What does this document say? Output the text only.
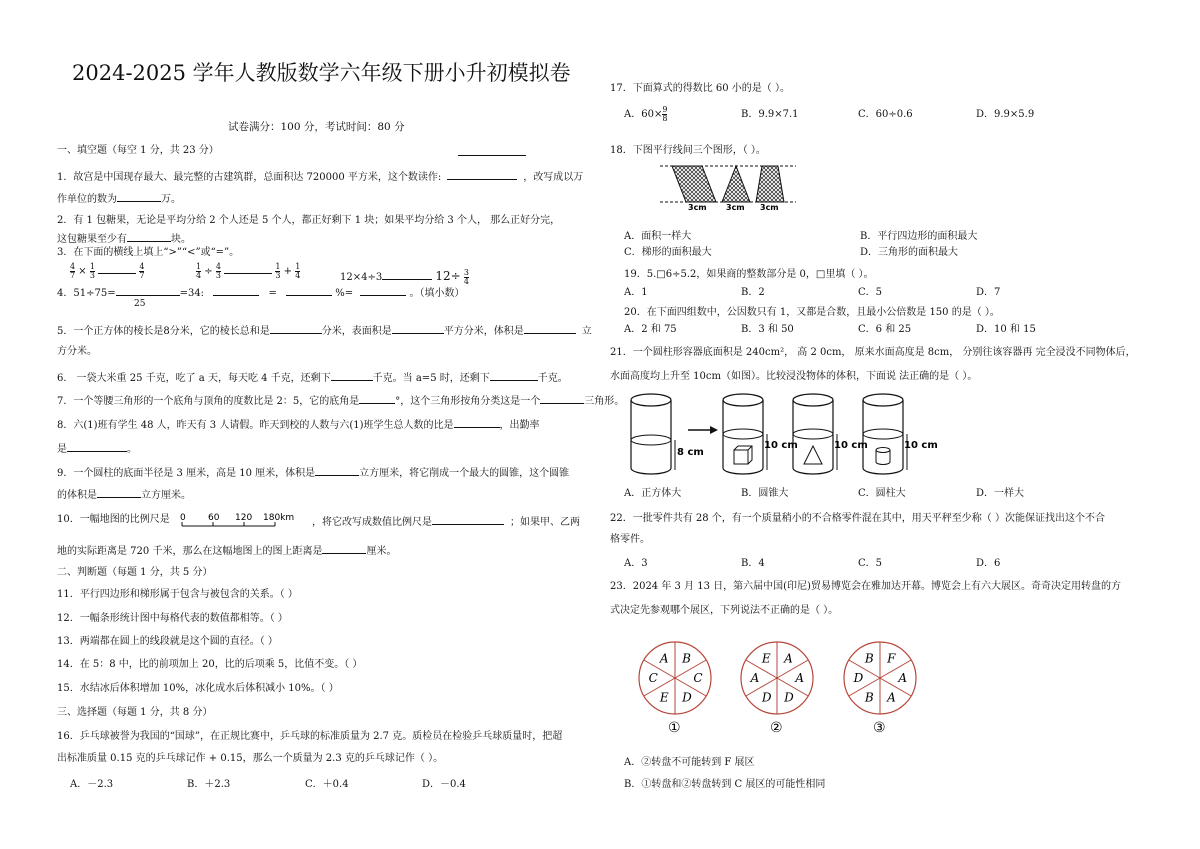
2024-2025 学年人教版数学六年级下册小升初模拟卷
试卷满分：100 分，考试时间：80 分
一、填空题（每空 1 分，共 23 分）
1．故宫是中国现存最大、最完整的古建筑群，总面积达 720000 平方米，这个数读作:	，改写成以万
作单位的数为	万。
2．有 1 包糖果，无论是平均分给 2 个人还是 5 个人，都正好剩下 1 块；如果平均分给 3 个人， 那么正好分完，
这包糖果至少有	块。
3．在下面的横线上填上“>”“<”或“=”。
$\frac{4}{7} \times \frac{1}{3}$
	$\frac{4}{7}$	$\frac{1}{4} \div \frac{4}{3}$
	$\frac{1}{3} + \frac{1}{4}$	12×4÷3	$12\div \frac{3}{4}$
4．51÷75=	=34:	=	%=	。（填小数）
25
5．一个正方体的棱长是8分米，它的棱长总和是	分米，表面积是	平方分米，体积是	立
方分米。
6． 一袋大米重 25 千克，吃了 a 天，每天吃 4 千克，还剩下	千克。当 a=5 时，还剩下	千克。
7．一个等腰三角形的一个底角与顶角的度数比是 2：5，它的底角是	°，这个三角形按角分类这是一个	三角形。
8．六(1)班有学生 48 人，昨天有 3 人请假。昨天到校的人数与六(1)班学生总人数的比是	，出勤率
是	。
9．一个圆柱的底面半径是 3 厘米，高是 10 厘米，体积是	立方厘米，将它削成一个最大的圆锥，这个圆锥
的体积是	立方厘米。
10．一幅地图的比例尺是 0 60 120 180km ，将它改写成数值比例尺是	；如果甲、乙两
地的实际距离是 720 千米，那么在这幅地图上的图上距离是	厘米。
二、判断题（每题 1 分，共 5 分）
11．平行四边形和梯形属于包含与被包含的关系。（ ）
12．一幅条形统计图中每格代表的数值都相等。（ ）
13．两端都在圆上的线段就是这个圆的直径。（ ）
14．在 5：8 中，比的前项加上 20，比的后项乘 5，比值不变。（ ）
15．水结冰后体积增加 10%，冰化成水后体积减小 10%。（ ）
三、选择题（每题 1 分，共 8 分）
16．乒乓球被誉为我国的“国球”，在正规比赛中，乒乓球的标准质量为 2.7 克。质检员在检验乒乓球质量时，把超
出标准质量 0.15 克的乒乓球记作 + 0.15，那么一个质量为 2.3 克的乒乓球记作（ ）。
A．－2.3	B．＋2.3	C．＋0.4	D．－0.4
17．下面算式的得数比 60 小的是（ ）。
A．$60\times \frac{9}{8}$	B．9.9×7.1	C．60÷0.6	D．9.9×5.9
18．下图平行线间三个图形，（ ）。
3cm 3cm 3cm
A．面积一样大	B．平行四边形的面积最大
C．梯形的面积最大	D．三角形的面积最大
19．5.□6÷5.2，如果商的整数部分是 0，□里填（ ）。
A．1	B．2	C．5	D．7
20．在下面四组数中，公因数只有 1，又都是合数，且最小公倍数是 150 的是（ ）。
A．2 和 75	B．3 和 50	C．6 和 25	D．10 和 15
21．一个圆柱形容器底面积是 240cm²， 高 2 0cm， 原来水面高度是 8cm， 分别往该容器再 完全浸没不同物体后，
水面高度均上升至 10cm（如图）。比较浸没物体的体积，下面说 法正确的是（ ）。
8 cm
10 cm	10 cm	10 cm
A．正方体大	B．圆锥大	C．圆柱大	D．一样大
22．一批零件共有 28 个，有一个质量稍小的不合格零件混在其中，用天平秤至少称（ ）次能保证找出这个不合
格零件。
A．3	B．4	C．5	D．6
23．2024 年 3 月 13 日，第六届中国(印尼)贸易博览会在雅加达开幕。博览会上有六大展区。奇奇决定用转盘的方
式决定先参观哪个展区，下列说法不正确的是（ ）。
B
C
D
E
C
A
①
A
A
D
D
A
E
②
F
A
A
B
D
B
③
A．②转盘不可能转到 F 展区
B．①转盘和②转盘转到 C 展区的可能性相同
